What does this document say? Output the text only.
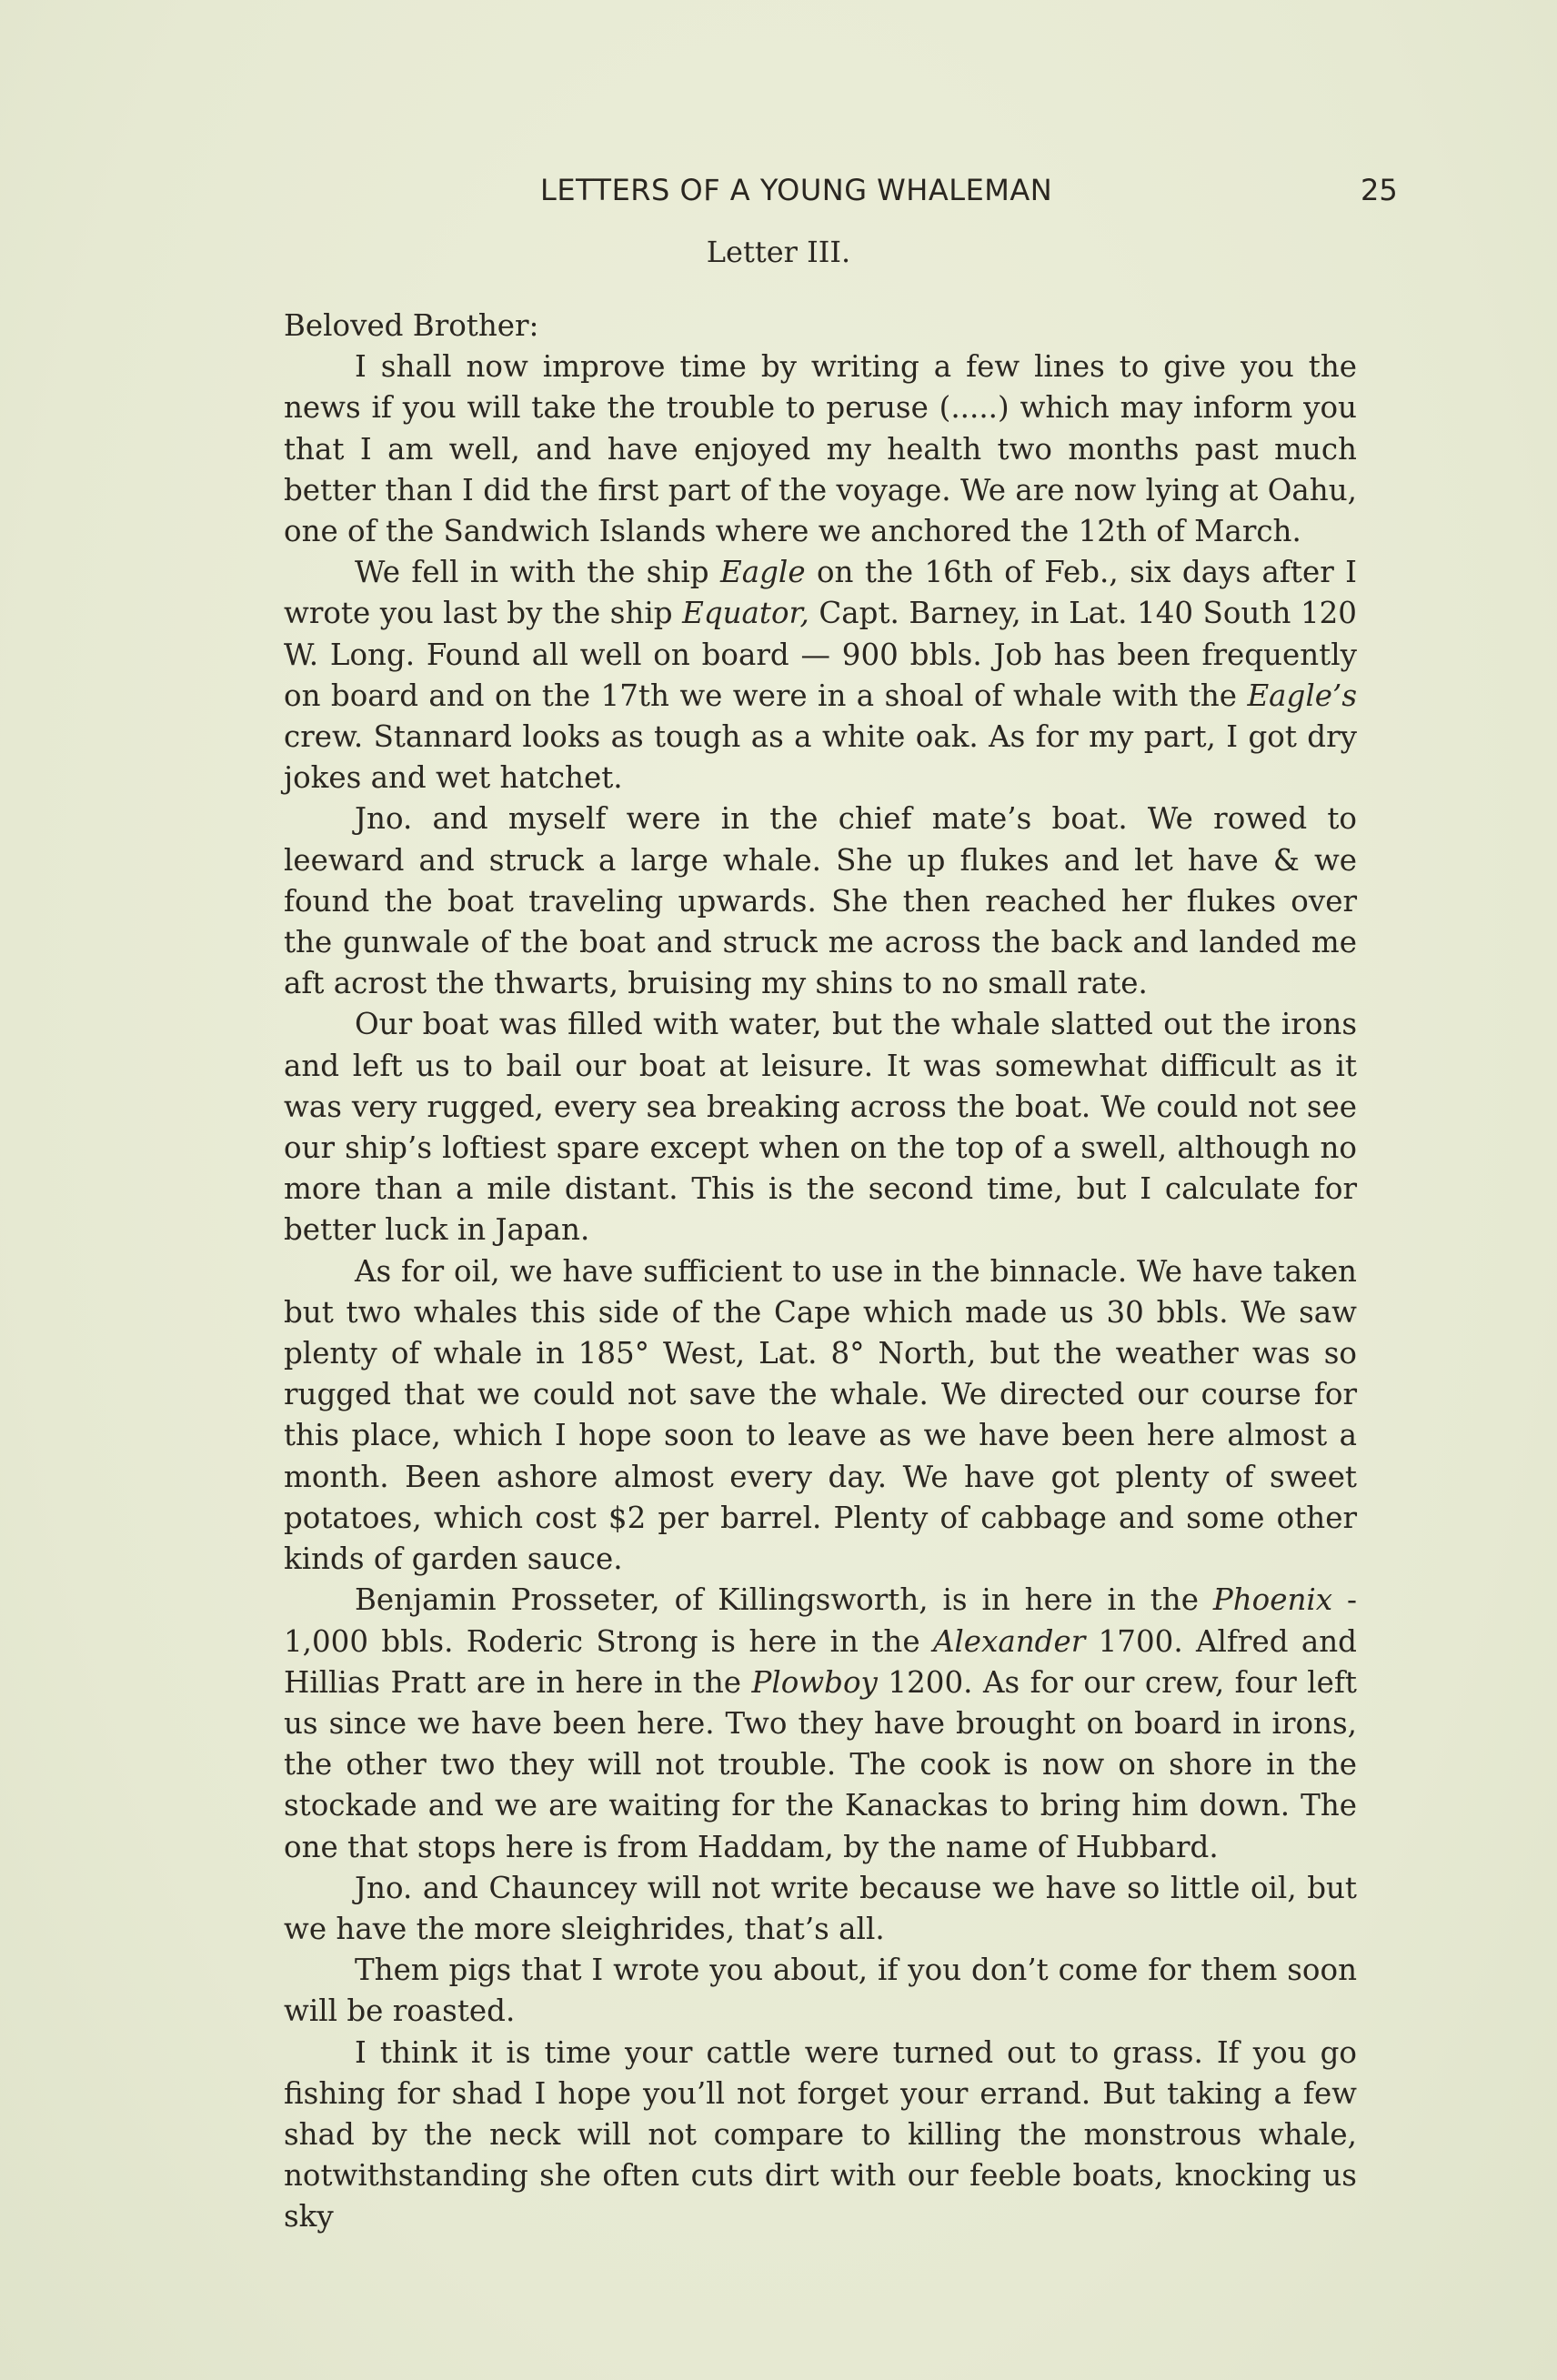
LETTERS OF A YOUNG WHALEMAN	25
Letter III.

Beloved Brother:

I shall now improve time by writing a few lines to give you the news if you will take the trouble to peruse (.....) which may inform you that I am well, and have enjoyed my health two months past much better than I did the first part of the voyage. We are now lying at Oahu, one of the Sandwich Islands where we anchored the 12th of March.

We fell in with the ship Eagle on the 16th of Feb., six days after I wrote you last by the ship Equator, Capt. Barney, in Lat. 140 South 120 W. Long. Found all well on board — 900 bbls. Job has been frequently on board and on the 17th we were in a shoal of whale with the Eagle’s crew. Stannard looks as tough as a white oak. As for my part, I got dry jokes and wet hatchet.

Jno. and myself were in the chief mate’s boat. We rowed to leeward and struck a large whale. She up flukes and let have & we found the boat traveling upwards. She then reached her flukes over the gunwale of the boat and struck me across the back and landed me aft acrost the thwarts, bruising my shins to no small rate.

Our boat was filled with water, but the whale slatted out the irons and left us to bail our boat at leisure. It was somewhat difficult as it was very rugged, every sea breaking across the boat. We could not see our ship’s loftiest spare except when on the top of a swell, although no more than a mile distant. This is the second time, but I calculate for better luck in Japan.

As for oil, we have sufficient to use in the binnacle. We have taken but two whales this side of the Cape which made us 30 bbls. We saw plenty of whale in 185° West, Lat. 8° North, but the weather was so rugged that we could not save the whale. We directed our course for this place, which I hope soon to leave as we have been here almost a month. Been ashore almost every day. We have got plenty of sweet potatoes, which cost $2 per barrel. Plenty of cabbage and some other kinds of garden sauce.

Benjamin Prosseter, of Killingsworth, is in here in the Phoenix - 1,000 bbls. Roderic Strong is here in the Alexander 1700. Alfred and Hillias Pratt are in here in the Plowboy 1200. As for our crew, four left us since we have been here. Two they have brought on board in irons, the other two they will not trouble. The cook is now on shore in the stockade and we are waiting for the Kanackas to bring him down. The one that stops here is from Haddam, by the name of Hubbard.

Jno. and Chauncey will not write because we have so little oil, but we have the more sleighrides, that’s all.

Them pigs that I wrote you about, if you don’t come for them soon will be roasted.

I think it is time your cattle were turned out to grass. If you go fishing for shad I hope you’ll not forget your errand. But taking a few shad by the neck will not compare to killing the monstrous whale, notwithstanding she often cuts dirt with our feeble boats, knocking us sky
